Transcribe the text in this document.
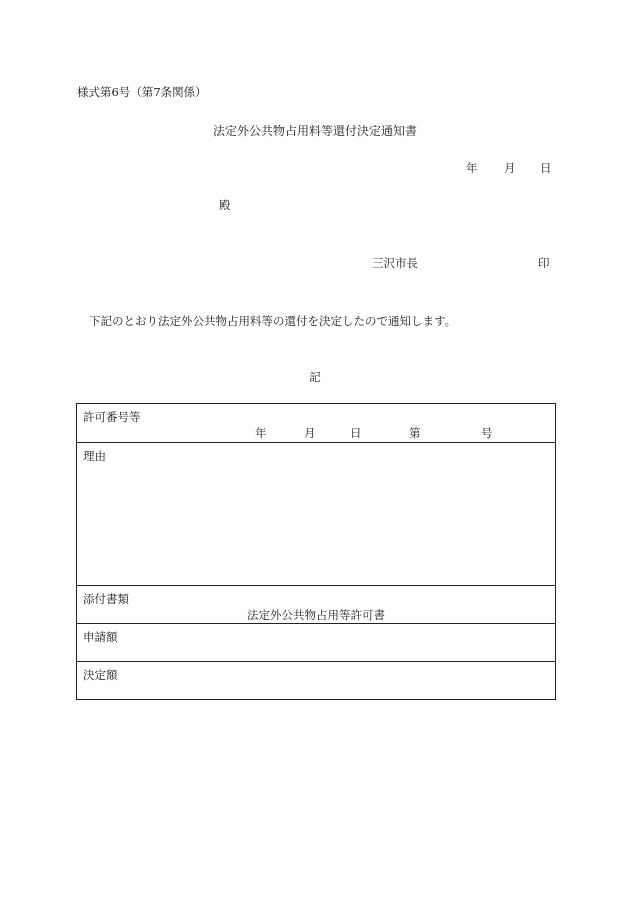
様式第6号（第7条関係）
法定外公共物占用料等還付決定通知書
年 月 日
殿
三沢市長	印
下記のとおり法定外公共物占用料等の還付を決定したので通知します。
記
許可番号等
年	月	日	第	号
理由
添付書類
法定外公共物占用等許可書
申請額
決定額
